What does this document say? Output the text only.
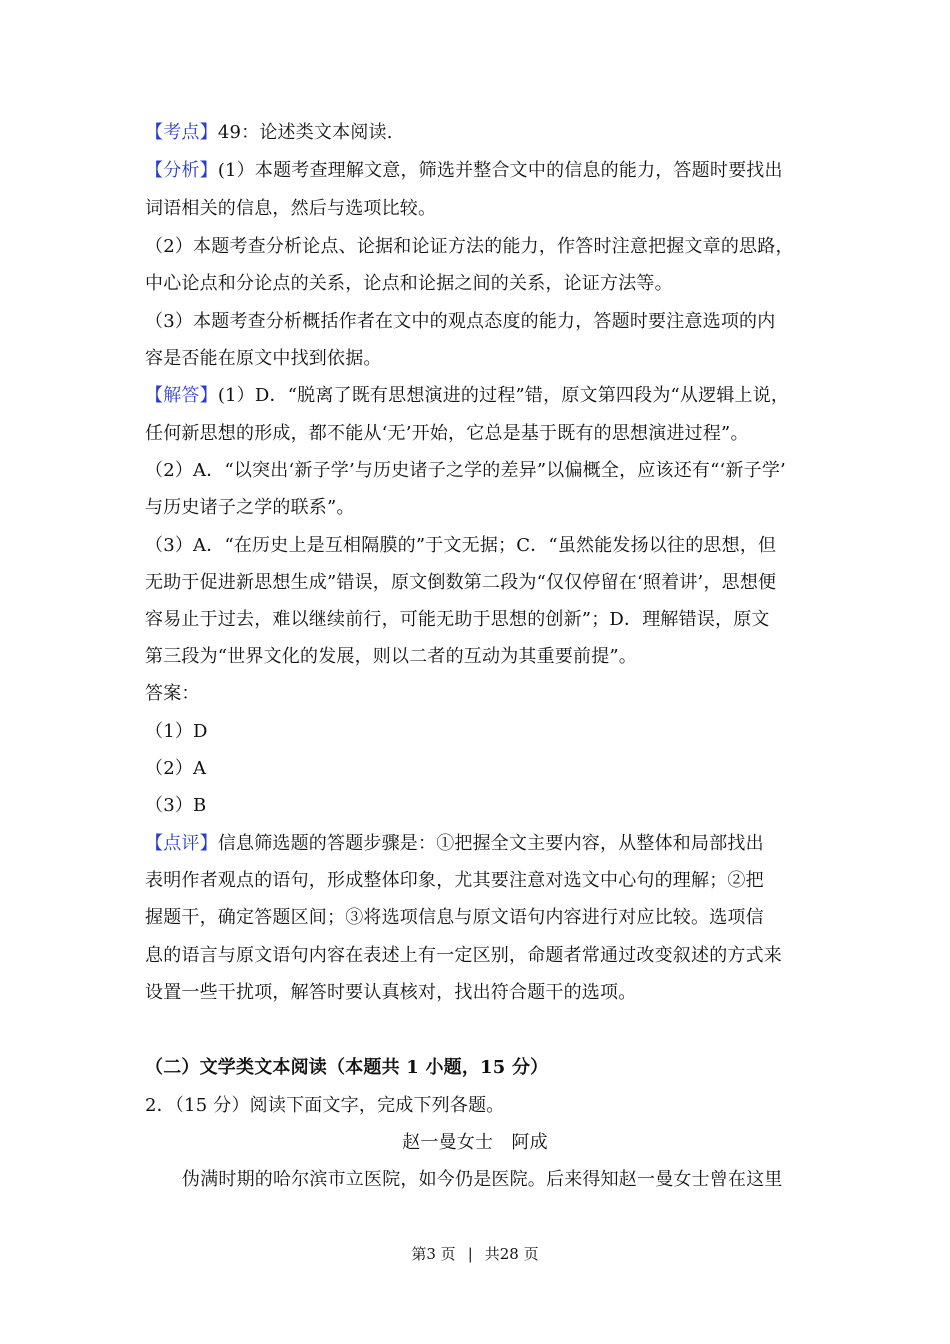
【考点】49：论述类文本阅读.
【分析】(1）本题考查理解文意，筛选并整合文中的信息的能力，答题时要找出
词语相关的信息，然后与选项比较。
（2）本题考查分析论点、论据和论证方法的能力，作答时注意把握文章的思路，
中心论点和分论点的关系，论点和论据之间的关系，论证方法等。
（3）本题考查分析概括作者在文中的观点态度的能力，答题时要注意选项的内
容是否能在原文中找到依据。
【解答】(1）D．“脱离了既有思想演进的过程”错，原文第四段为“从逻辑上说，
任何新思想的形成，都不能从‘无’开始，它总是基于既有的思想演进过程”。
（2）A．“以突出‘新子学’与历史诸子之学的差异”以偏概全，应该还有“‘新子学’
与历史诸子之学的联系”。
（3）A．“在历史上是互相隔膜的”于文无据；C．“虽然能发扬以往的思想，但
无助于促进新思想生成”错误，原文倒数第二段为“仅仅停留在‘照着讲’，思想便
容易止于过去，难以继续前行，可能无助于思想的创新”；D．理解错误，原文
第三段为“世界文化的发展，则以二者的互动为其重要前提”。
答案：
（1）D
（2）A
（3）B
【点评】信息筛选题的答题步骤是：①把握全文主要内容，从整体和局部找出
表明作者观点的语句，形成整体印象，尤其要注意对选文中心句的理解；②把
握题干，确定答题区间；③将选项信息与原文语句内容进行对应比较。选项信
息的语言与原文语句内容在表述上有一定区别，命题者常通过改变叙述的方式来
设置一些干扰项，解答时要认真核对，找出符合题干的选项。
（二）文学类文本阅读（本题共 1 小题，15 分）
2．（15 分）阅读下面文字，完成下列各题。
赵一曼女士　阿成
伪满时期的哈尔滨市立医院，如今仍是医院。后来得知赵一曼女士曾在这里
第3 页 | 共28 页
